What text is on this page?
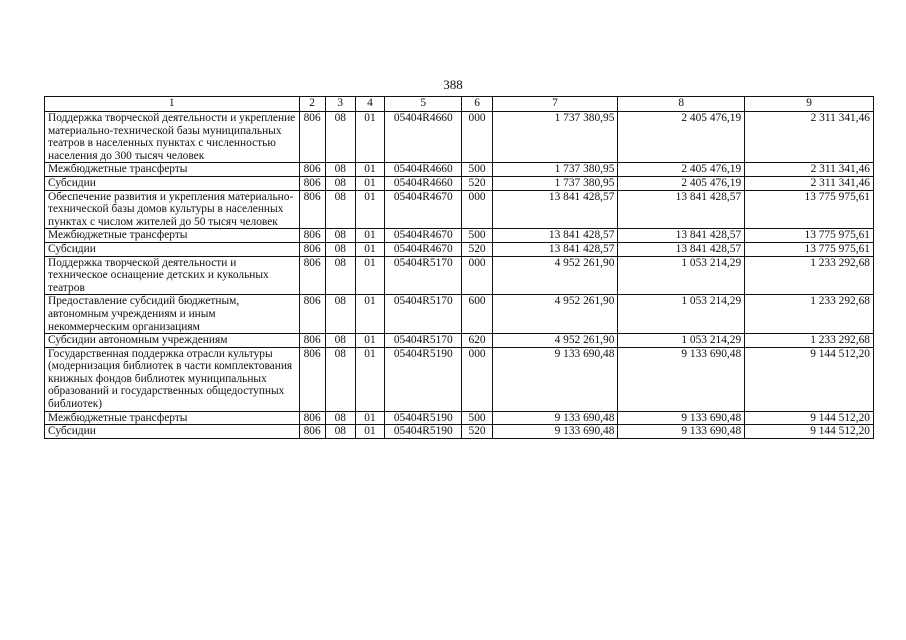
388
1	2	3	4	5	6	7	8	9
Поддержка творческой деятельности и укрепление материально-технической базы муниципальных театров в населенных пунктах с численностью населения до 300 тысяч человек	806	08	01	05404R4660	000	1 737 380,95	2 405 476,19	2 311 341,46
Межбюджетные трансферты	806	08	01	05404R4660	500	1 737 380,95	2 405 476,19	2 311 341,46
Субсидии	806	08	01	05404R4660	520	1 737 380,95	2 405 476,19	2 311 341,46
Обеспечение развития и укрепления материально-технической базы домов культуры в населенных пунктах с числом жителей до 50 тысяч человек	806	08	01	05404R4670	000	13 841 428,57	13 841 428,57	13 775 975,61
Межбюджетные трансферты	806	08	01	05404R4670	500	13 841 428,57	13 841 428,57	13 775 975,61
Субсидии	806	08	01	05404R4670	520	13 841 428,57	13 841 428,57	13 775 975,61
Поддержка творческой деятельности и техническое оснащение детских и кукольных театров	806	08	01	05404R5170	000	4 952 261,90	1 053 214,29	1 233 292,68
Предоставление субсидий бюджетным, автономным учреждениям и иным некоммерческим организациям	806	08	01	05404R5170	600	4 952 261,90	1 053 214,29	1 233 292,68
Субсидии автономным учреждениям	806	08	01	05404R5170	620	4 952 261,90	1 053 214,29	1 233 292,68
Государственная поддержка отрасли культуры (модернизация библиотек в части комплектования книжных фондов библиотек муниципальных образований и государственных общедоступных библиотек)	806	08	01	05404R5190	000	9 133 690,48	9 133 690,48	9 144 512,20
Межбюджетные трансферты	806	08	01	05404R5190	500	9 133 690,48	9 133 690,48	9 144 512,20
Субсидии	806	08	01	05404R5190	520	9 133 690,48	9 133 690,48	9 144 512,20
